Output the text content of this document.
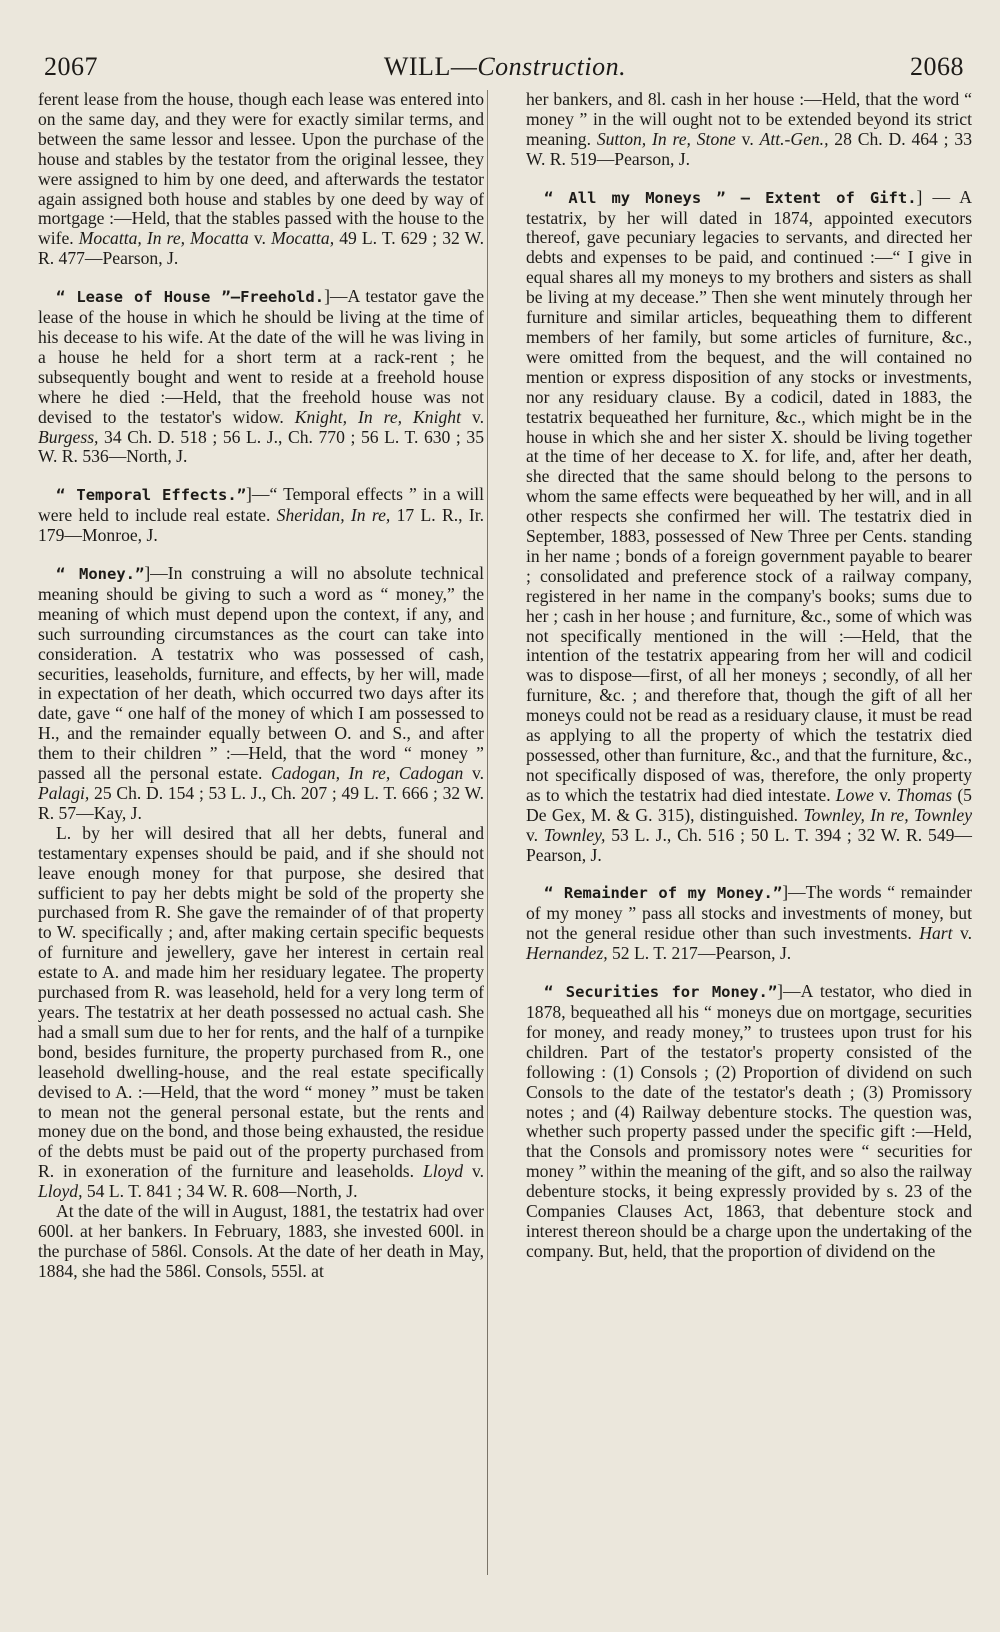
2067	WILL—Construction.	2068

ferent lease from the house, though each lease was entered into on the same day, and they were for exactly similar terms, and between the same lessor and lessee. Upon the purchase of the house and stables by the testator from the original lessee, they were assigned to him by one deed, and afterwards the testator again assigned both house and stables by one deed by way of mortgage :—Held, that the stables passed with the house to the wife. Mocatta, In re, Mocatta v. Mocatta, 49 L. T. 629 ; 32 W. R. 477—Pearson, J.

“ Lease of House ”—Freehold.]—A testator gave the lease of the house in which he should be living at the time of his decease to his wife. At the date of the will he was living in a house he held for a short term at a rack-rent ; he subsequently bought and went to reside at a freehold house where he died :—Held, that the freehold house was not devised to the testator's widow. Knight, In re, Knight v. Burgess, 34 Ch. D. 518 ; 56 L. J., Ch. 770 ; 56 L. T. 630 ; 35 W. R. 536—North, J.

“ Temporal Effects.”]—“ Temporal effects ” in a will were held to include real estate. Sheridan, In re, 17 L. R., Ir. 179—Monroe, J.

“ Money.”]—In construing a will no absolute technical meaning should be giving to such a word as “ money,” the meaning of which must depend upon the context, if any, and such surrounding circumstances as the court can take into consideration. A testatrix who was possessed of cash, securities, leaseholds, furniture, and effects, by her will, made in expectation of her death, which occurred two days after its date, gave “ one half of the money of which I am possessed to H., and the remainder equally between O. and S., and after them to their children ” :—Held, that the word “ money ” passed all the personal estate. Cadogan, In re, Cadogan v. Palagi, 25 Ch. D. 154 ; 53 L. J., Ch. 207 ; 49 L. T. 666 ; 32 W. R. 57—Kay, J.

L. by her will desired that all her debts, funeral and testamentary expenses should be paid, and if she should not leave enough money for that purpose, she desired that sufficient to pay her debts might be sold of the property she purchased from R. She gave the remainder of of that property to W. specifically ; and, after making certain specific bequests of furniture and jewellery, gave her interest in certain real estate to A. and made him her residuary legatee. The property purchased from R. was leasehold, held for a very long term of years. The testatrix at her death possessed no actual cash. She had a small sum due to her for rents, and the half of a turnpike bond, besides furniture, the property purchased from R., one leasehold dwelling-house, and the real estate specifically devised to A. :—Held, that the word “ money ” must be taken to mean not the general personal estate, but the rents and money due on the bond, and those being exhausted, the residue of the debts must be paid out of the property purchased from R. in exoneration of the furniture and leaseholds. Lloyd v. Lloyd, 54 L. T. 841 ; 34 W. R. 608—North, J.

At the date of the will in August, 1881, the testatrix had over 600l. at her bankers. In February, 1883, she invested 600l. in the purchase of 586l. Consols. At the date of her death in May, 1884, she had the 586l. Consols, 555l. at

her bankers, and 8l. cash in her house :—Held, that the word “ money ” in the will ought not to be extended beyond its strict meaning. Sutton, In re, Stone v. Att.-Gen., 28 Ch. D. 464 ; 33 W. R. 519—Pearson, J.

“ All my Moneys ” — Extent of Gift.] — A testatrix, by her will dated in 1874, appointed executors thereof, gave pecuniary legacies to servants, and directed her debts and expenses to be paid, and continued :—“ I give in equal shares all my moneys to my brothers and sisters as shall be living at my decease.” Then she went minutely through her furniture and similar articles, bequeathing them to different members of her family, but some articles of furniture, &c., were omitted from the bequest, and the will contained no mention or express disposition of any stocks or investments, nor any residuary clause. By a codicil, dated in 1883, the testatrix bequeathed her furniture, &c., which might be in the house in which she and her sister X. should be living together at the time of her decease to X. for life, and, after her death, she directed that the same should belong to the persons to whom the same effects were bequeathed by her will, and in all other respects she confirmed her will. The testatrix died in September, 1883, possessed of New Three per Cents. standing in her name ; bonds of a foreign government payable to bearer ; consolidated and preference stock of a railway company, registered in her name in the company's books; sums due to her ; cash in her house ; and furniture, &c., some of which was not specifically mentioned in the will :—Held, that the intention of the testatrix appearing from her will and codicil was to dispose—first, of all her moneys ; secondly, of all her furniture, &c. ; and therefore that, though the gift of all her moneys could not be read as a residuary clause, it must be read as applying to all the property of which the testatrix died possessed, other than furniture, &c., and that the furniture, &c., not specifically disposed of was, therefore, the only property as to which the testatrix had died intestate. Lowe v. Thomas (5 De Gex, M. & G. 315), distinguished. Townley, In re, Townley v. Townley, 53 L. J., Ch. 516 ; 50 L. T. 394 ; 32 W. R. 549—Pearson, J.

“ Remainder of my Money.”]—The words “ remainder of my money ” pass all stocks and investments of money, but not the general residue other than such investments. Hart v. Hernandez, 52 L. T. 217—Pearson, J.

“ Securities for Money.”]—A testator, who died in 1878, bequeathed all his “ moneys due on mortgage, securities for money, and ready money,” to trustees upon trust for his children. Part of the testator's property consisted of the following : (1) Consols ; (2) Proportion of dividend on such Consols to the date of the testator's death ; (3) Promissory notes ; and (4) Railway debenture stocks. The question was, whether such property passed under the specific gift :—Held, that the Consols and promissory notes were “ securities for money ” within the meaning of the gift, and so also the railway debenture stocks, it being expressly provided by s. 23 of the Companies Clauses Act, 1863, that debenture stock and interest thereon should be a charge upon the undertaking of the company. But, held, that the proportion of dividend on the
